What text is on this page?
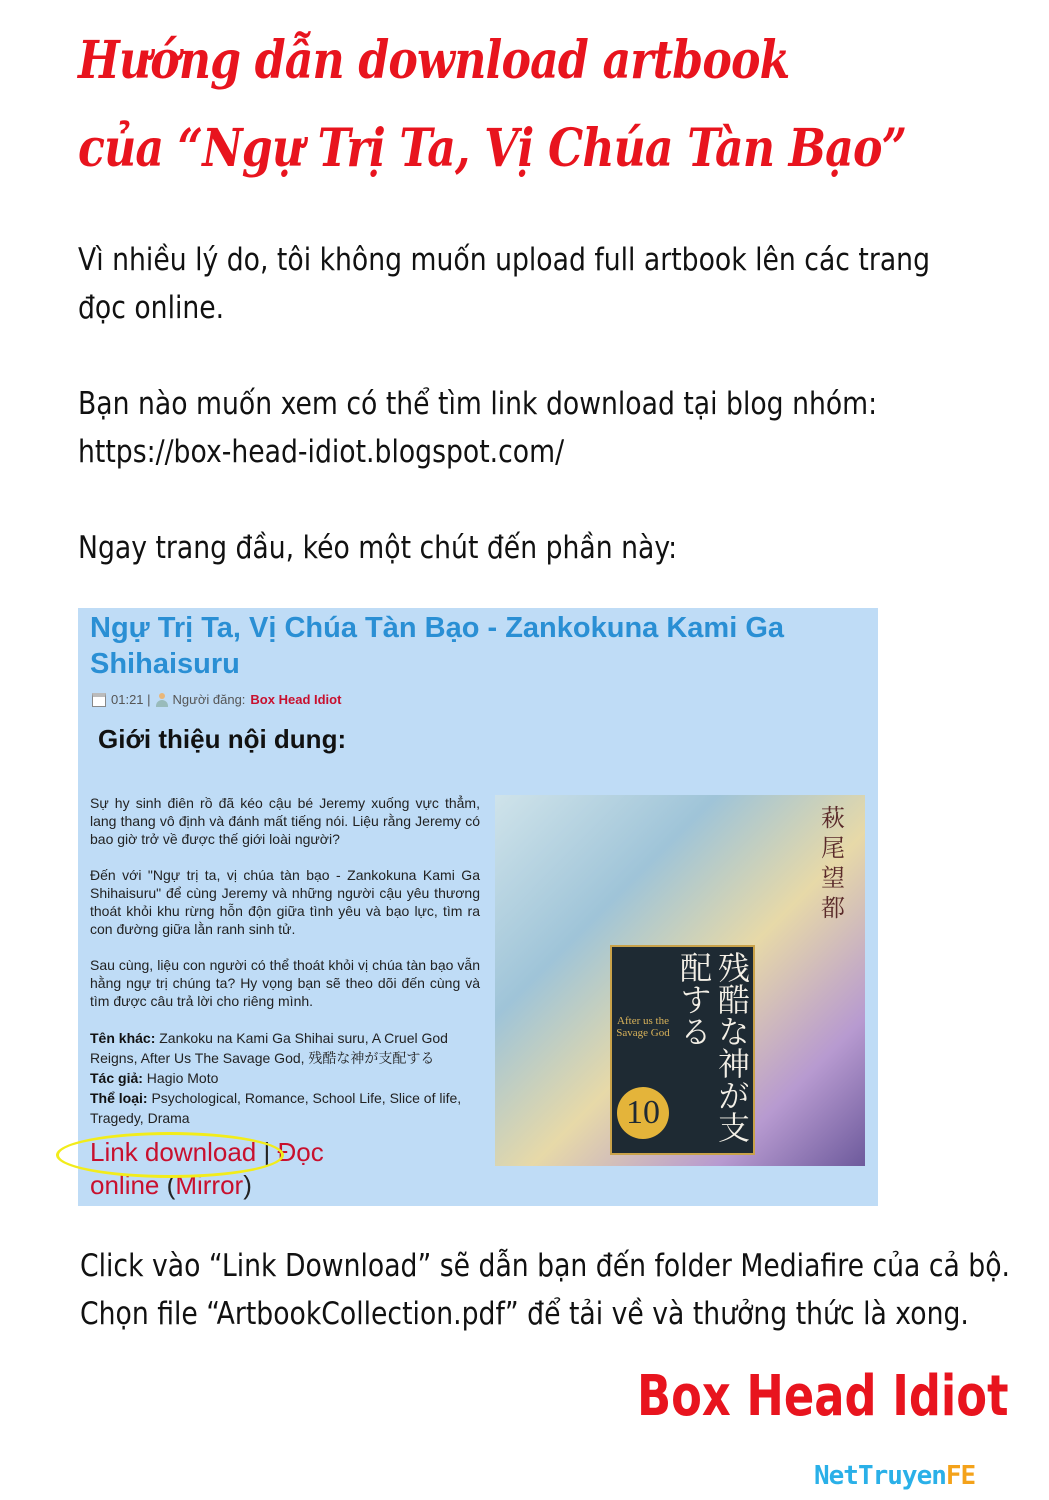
Hướng dẫn download artbook
của “Ngự Trị Ta, Vị Chúa Tàn Bạo”
Vì nhiều lý do, tôi không muốn upload full artbook lên các trang
đọc online.
Bạn nào muốn xem có thể tìm link download tại blog nhóm:
https://box-head-idiot.blogspot.com/
Ngay trang đầu, kéo một chút đến phần này:
Ngự Trị Ta, Vị Chúa Tàn Bạo - Zankokuna Kami Ga Shihaisuru
01:21 | Người đăng: Box Head Idiot
Giới thiệu nội dung:

Sự hy sinh điên rồ đã kéo cậu bé Jeremy xuống vực thẳm, lang thang vô định và đánh mất tiếng nói. Liệu rằng Jeremy có bao giờ trở về được thế giới loài người?

Đến với "Ngự trị ta, vị chúa tàn bạo - Zankokuna Kami Ga Shihaisuru" để cùng Jeremy và những người cậu yêu thương thoát khỏi khu rừng hỗn độn giữa tình yêu và bạo lực, tìm ra con đường giữa lằn ranh sinh tử.

Sau cùng, liệu con người có thể thoát khỏi vị chúa tàn bạo vẫn hằng ngự trị chúng ta? Hy vọng bạn sẽ theo dõi đến cùng và tìm được câu trả lời cho riêng mình.

Tên khác: Zankoku na Kami Ga Shihai suru, A Cruel God Reigns, After Us The Savage God, 残酷な神が支配する
Tác giả: Hagio Moto
Thể loại: Psychological, Romance, School Life, Slice of life, Tragedy, Drama
Link download | Đọc online (Mirror)
萩尾望都
残酷な神が支配する
After us the Savage God
10
Click vào “Link Download” sẽ dẫn bạn đến folder Mediafire của cả bộ.
Chọn file “ArtbookCollection.pdf” để tải về và thưởng thức là xong.
Box Head Idiot
NetTruyenFE
